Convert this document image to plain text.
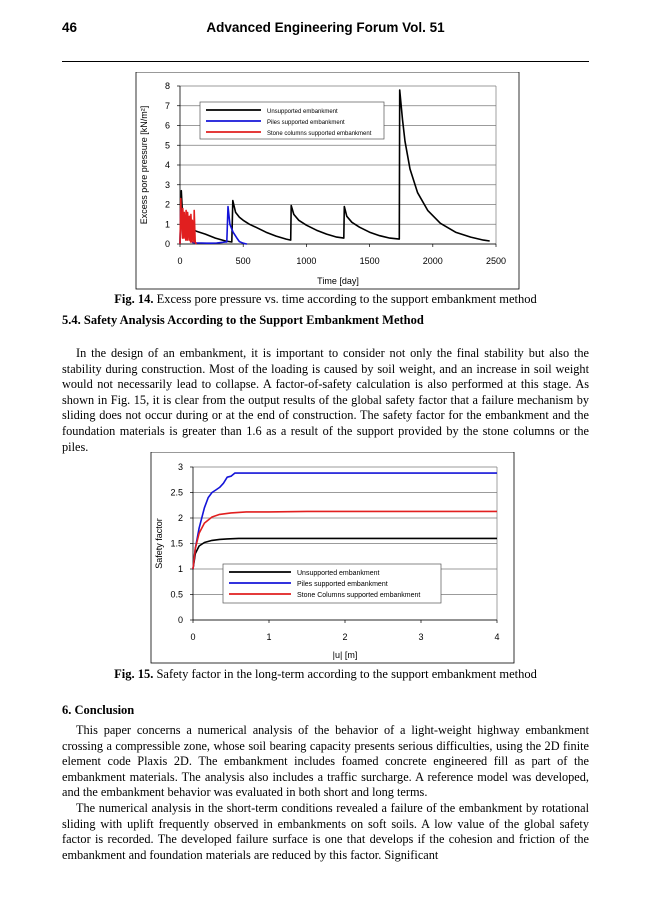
46	Advanced Engineering Forum Vol. 51
0
1
2
3
4
5
6
7
8
0	500	1000	1500	2000	2500
Time [day]
Excess pore pressure [kN/m²]	Unsupported embankment
Piles supported embankment
Stone columns supported embankment
Fig. 14. Excess pore pressure vs. time according to the support embankment method
5.4. Safety Analysis According to the Support Embankment Method

In the design of an embankment, it is important to consider not only the final stability but also the stability during construction. Most of the loading is caused by soil weight, and an increase in soil weight would not necessarily lead to collapse. A factor-of-safety calculation is also performed at this stage. As shown in Fig. 15, it is clear from the output results of the global safety factor that a failure mechanism by sliding does not occur during or at the end of construction. The safety factor for the embankment and the foundation materials is greater than 1.6 as a result of the support provided by the stone columns or the piles.

0
0.5
1
1.5
2
2.5
3
0	1	2	3	4
|u| [m]
Safety factor
Unsupported embankment
Piles supported embankment
Stone Columns supported embankment
Fig. 15. Safety factor in the long-term according to the support embankment method
6. Conclusion

This paper concerns a numerical analysis of the behavior of a light-weight highway embankment crossing a compressible zone, whose soil bearing capacity presents serious difficulties, using the 2D finite element code Plaxis 2D. The embankment includes foamed concrete engineered fill as part of the embankment materials. The analysis also includes a traffic surcharge. A reference model was developed, and the embankment behavior was evaluated in both short and long terms.

The numerical analysis in the short-term conditions revealed a failure of the embankment by rotational sliding with uplift frequently observed in embankments on soft soils. A low value of the global safety factor is recorded. The developed failure surface is one that develops if the cohesion and friction of the embankment and foundation materials are reduced by this factor. Significant
